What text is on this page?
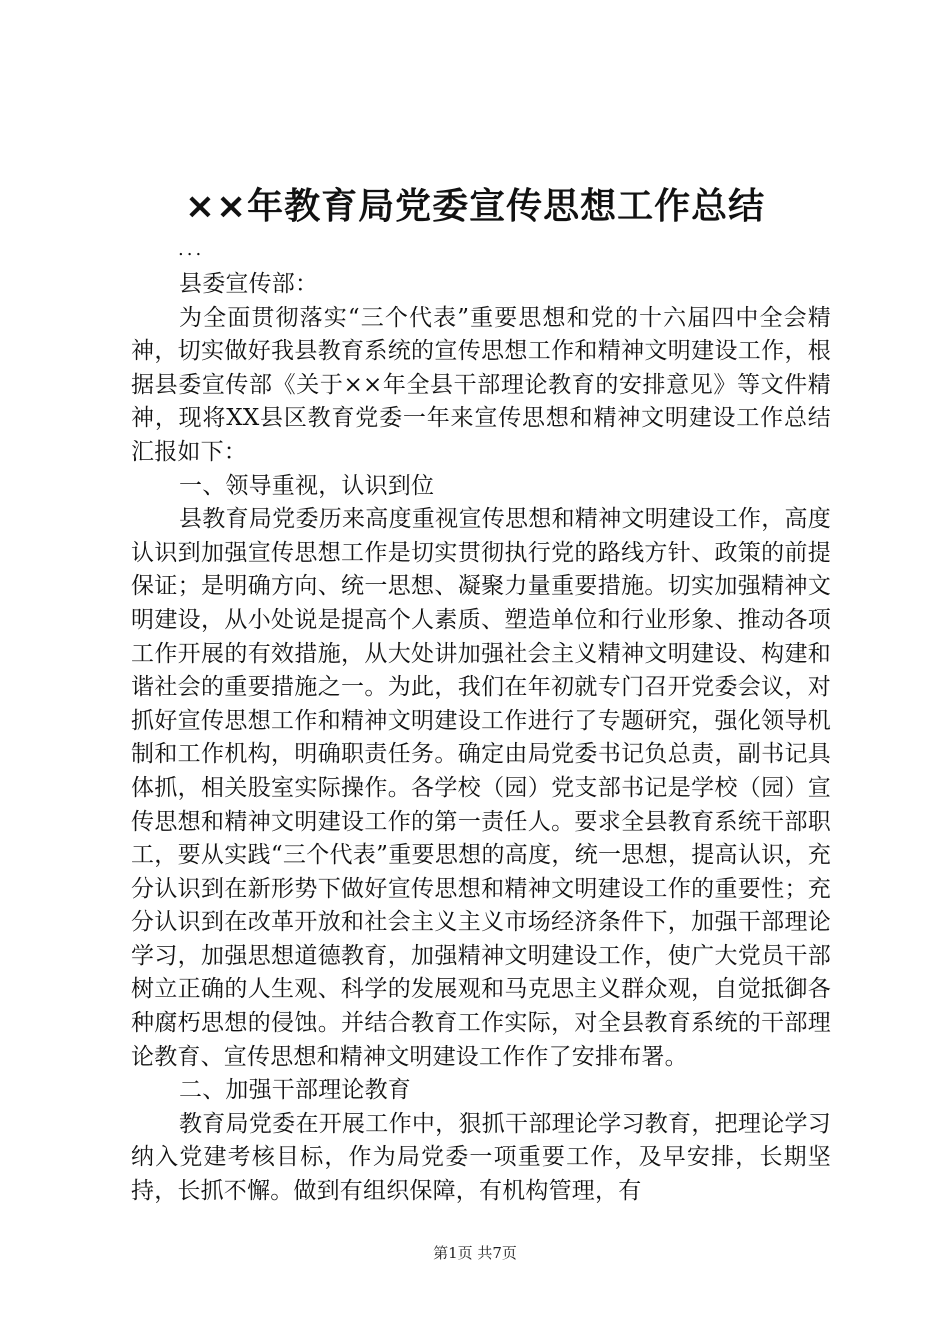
××年教育局党委宣传思想工作总结
...

县委宣传部：

为全面贯彻落实“三个代表”重要思想和党的十六届四中全会精神，切实做好我县教育系统的宣传思想工作和精神文明建设工作，根据县委宣传部《关于××年全县干部理论教育的安排意见》等文件精神，现将XX县区教育党委一年来宣传思想和精神文明建设工作总结汇报如下：

一、领导重视，认识到位

县教育局党委历来高度重视宣传思想和精神文明建设工作，高度认识到加强宣传思想工作是切实贯彻执行党的路线方针、政策的前提保证；是明确方向、统一思想、凝聚力量重要措施。切实加强精神文明建设，从小处说是提高个人素质、塑造单位和行业形象、推动各项工作开展的有效措施，从大处讲加强社会主义精神文明建设、构建和谐社会的重要措施之一。为此，我们在年初就专门召开党委会议，对抓好宣传思想工作和精神文明建设工作进行了专题研究，强化领导机制和工作机构，明确职责任务。确定由局党委书记负总责，副书记具体抓，相关股室实际操作。各学校（园）党支部书记是学校（园）宣传思想和精神文明建设工作的第一责任人。要求全县教育系统干部职工，要从实践“三个代表”重要思想的高度，统一思想，提高认识，充分认识到在新形势下做好宣传思想和精神文明建设工作的重要性；充分认识到在改革开放和社会主义主义市场经济条件下，加强干部理论学习，加强思想道德教育，加强精神文明建设工作，使广大党员干部树立正确的人生观、科学的发展观和马克思主义群众观，自觉抵御各种腐朽思想的侵蚀。并结合教育工作实际，对全县教育系统的干部理论教育、宣传思想和精神文明建设工作作了安排布署。

二、加强干部理论教育

教育局党委在开展工作中，狠抓干部理论学习教育，把理论学习纳入党建考核目标，作为局党委一项重要工作，及早安排，长期坚持，长抓不懈。做到有组织保障，有机构管理，有

第1页 共7页
